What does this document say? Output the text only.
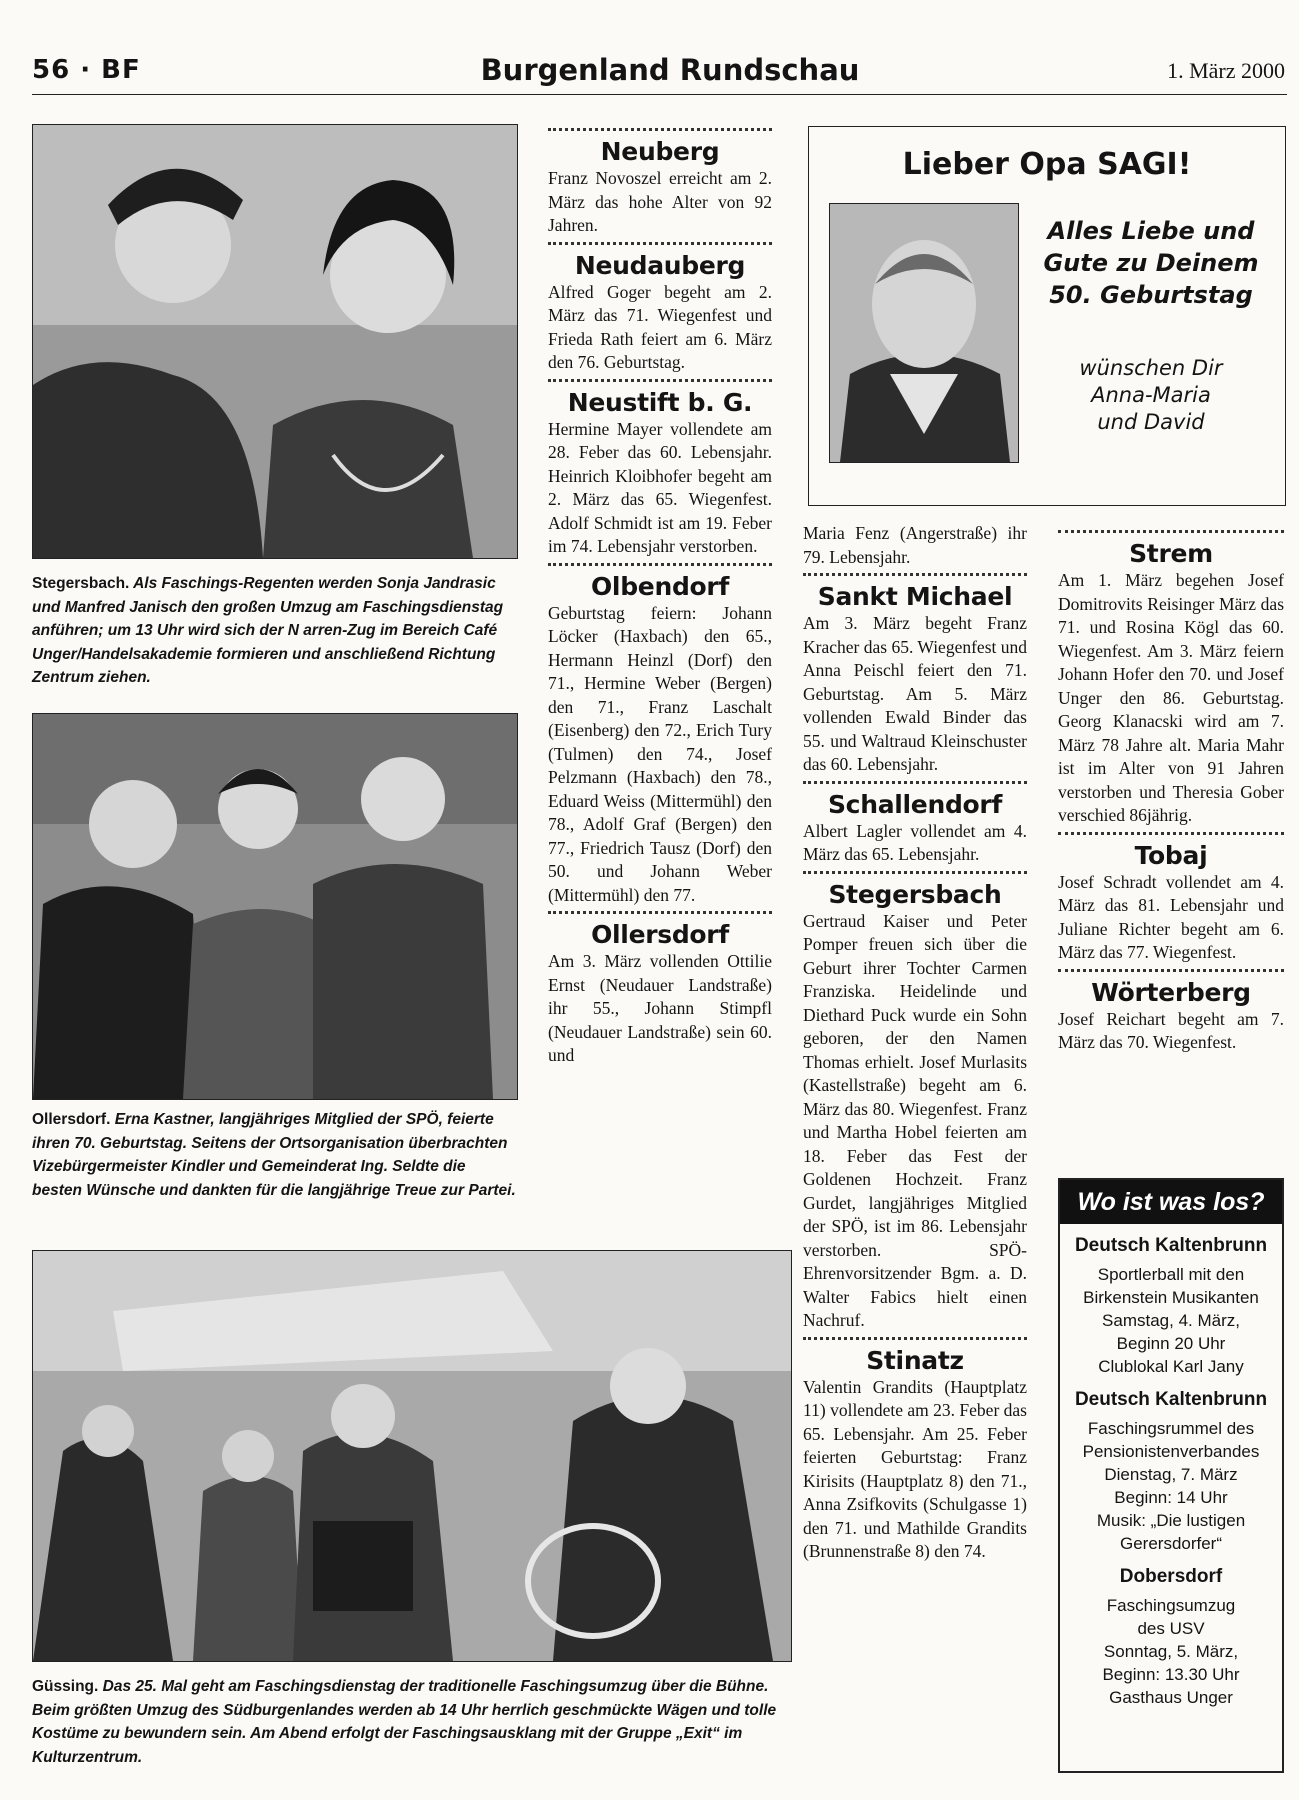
56 · BF	Burgenland Rundschau	1. März 2000
Stegersbach. Als Faschings-Regenten werden Sonja Jandrasic und Manfred Janisch den großen Umzug am Faschingsdienstag anführen; um 13 Uhr wird sich der N arren-Zug im Bereich Café Unger/Handelsakademie formieren und anschließend Richtung Zentrum ziehen.
Ollersdorf. Erna Kastner, langjähriges Mitglied der SPÖ, feierte ihren 70. Geburtstag. Seitens der Ortsorganisation überbrachten Vizebürgermeister Kindler und Gemeinderat Ing. Seldte die besten Wünsche und dankten für die langjährige Treue zur Partei.
Güssing. Das 25. Mal geht am Faschingsdienstag der traditionelle Faschingsumzug über die Bühne. Beim größten Umzug des Südburgenlandes werden ab 14 Uhr herrlich geschmückte Wägen und tolle Kostüme zu bewundern sein. Am Abend erfolgt der Faschingsausklang mit der Gruppe „Exit“ im Kulturzentrum.
Neuberg

Franz Novoszel erreicht am 2. März das hohe Alter von 92 Jahren.

Neudauberg

Alfred Goger begeht am 2. März das 71. Wiegenfest und Frieda Rath feiert am 6. März den 76. Geburtstag.

Neustift b. G.

Hermine Mayer vollendete am 28. Feber das 60. Lebensjahr. Heinrich Kloibhofer begeht am 2. März das 65. Wiegenfest. Adolf Schmidt ist am 19. Feber im 74. Lebensjahr verstorben.

Olbendorf

Geburtstag feiern: Johann Löcker (Haxbach) den 65., Hermann Heinzl (Dorf) den 71., Hermine Weber (Bergen) den 71., Franz Laschalt (Eisenberg) den 72., Erich Tury (Tulmen) den 74., Josef Pelzmann (Haxbach) den 78., Eduard Weiss (Mittermühl) den 78., Adolf Graf (Bergen) den 77., Friedrich Tausz (Dorf) den 50. und Johann Weber (Mittermühl) den 77.

Ollersdorf

Am 3. März vollenden Ottilie Ernst (Neudauer Landstraße) ihr 55., Johann Stimpfl (Neudauer Landstraße) sein 60. und

Lieber Opa SAGI!
Alles Liebe und Gute zu Deinem 50. Geburtstag
wünschen Dir
Anna-Maria
und David

Maria Fenz (Angerstraße) ihr 79. Lebensjahr.

Sankt Michael

Am 3. März begeht Franz Kracher das 65. Wiegenfest und Anna Peischl feiert den 71. Geburtstag. Am 5. März vollenden Ewald Binder das 55. und Waltraud Kleinschuster das 60. Lebensjahr.

Schallendorf

Albert Lagler vollendet am 4. März das 65. Lebensjahr.

Stegersbach

Gertraud Kaiser und Peter Pomper freuen sich über die Geburt ihrer Tochter Carmen Franziska. Heidelinde und Diethard Puck wurde ein Sohn geboren, der den Namen Thomas erhielt. Josef Murlasits (Kastellstraße) begeht am 6. März das 80. Wiegenfest. Franz und Martha Hobel feierten am 18. Feber das Fest der Goldenen Hochzeit. Franz Gurdet, langjähriges Mitglied der SPÖ, ist im 86. Lebensjahr verstorben. SPÖ-Ehrenvorsitzender Bgm. a. D. Walter Fabics hielt einen Nachruf.

Stinatz

Valentin Grandits (Hauptplatz 11) vollendete am 23. Feber das 65. Lebensjahr. Am 25. Feber feierten Geburtstag: Franz Kirisits (Hauptplatz 8) den 71., Anna Zsifkovits (Schulgasse 1) den 71. und Mathilde Grandits (Brunnenstraße 8) den 74.

Strem

Am 1. März begehen Josef Domitrovits Reisinger März das 71. und Rosina Kögl das 60. Wiegenfest. Am 3. März feiern Johann Hofer den 70. und Josef Unger den 86. Geburtstag. Georg Klanacski wird am 7. März 78 Jahre alt. Maria Mahr ist im Alter von 91 Jahren verstorben und Theresia Gober verschied 86jährig.

Tobaj

Josef Schradt vollendet am 4. März das 81. Lebensjahr und Juliane Richter begeht am 6. März das 77. Wiegenfest.

Wörterberg

Josef Reichart begeht am 7. März das 70. Wiegenfest.

Wo ist was los?
Deutsch Kaltenbrunn

Sportlerball mit den

Birkenstein Musikanten

Samstag, 4. März,

Beginn 20 Uhr

Clublokal Karl Jany

Deutsch Kaltenbrunn

Faschingsrummel des

Pensionistenverbandes

Dienstag, 7. März

Beginn: 14 Uhr

Musik: „Die lustigen

Gerersdorfer“

Dobersdorf

Faschingsumzug

des USV

Sonntag, 5. März,

Beginn: 13.30 Uhr

Gasthaus Unger
